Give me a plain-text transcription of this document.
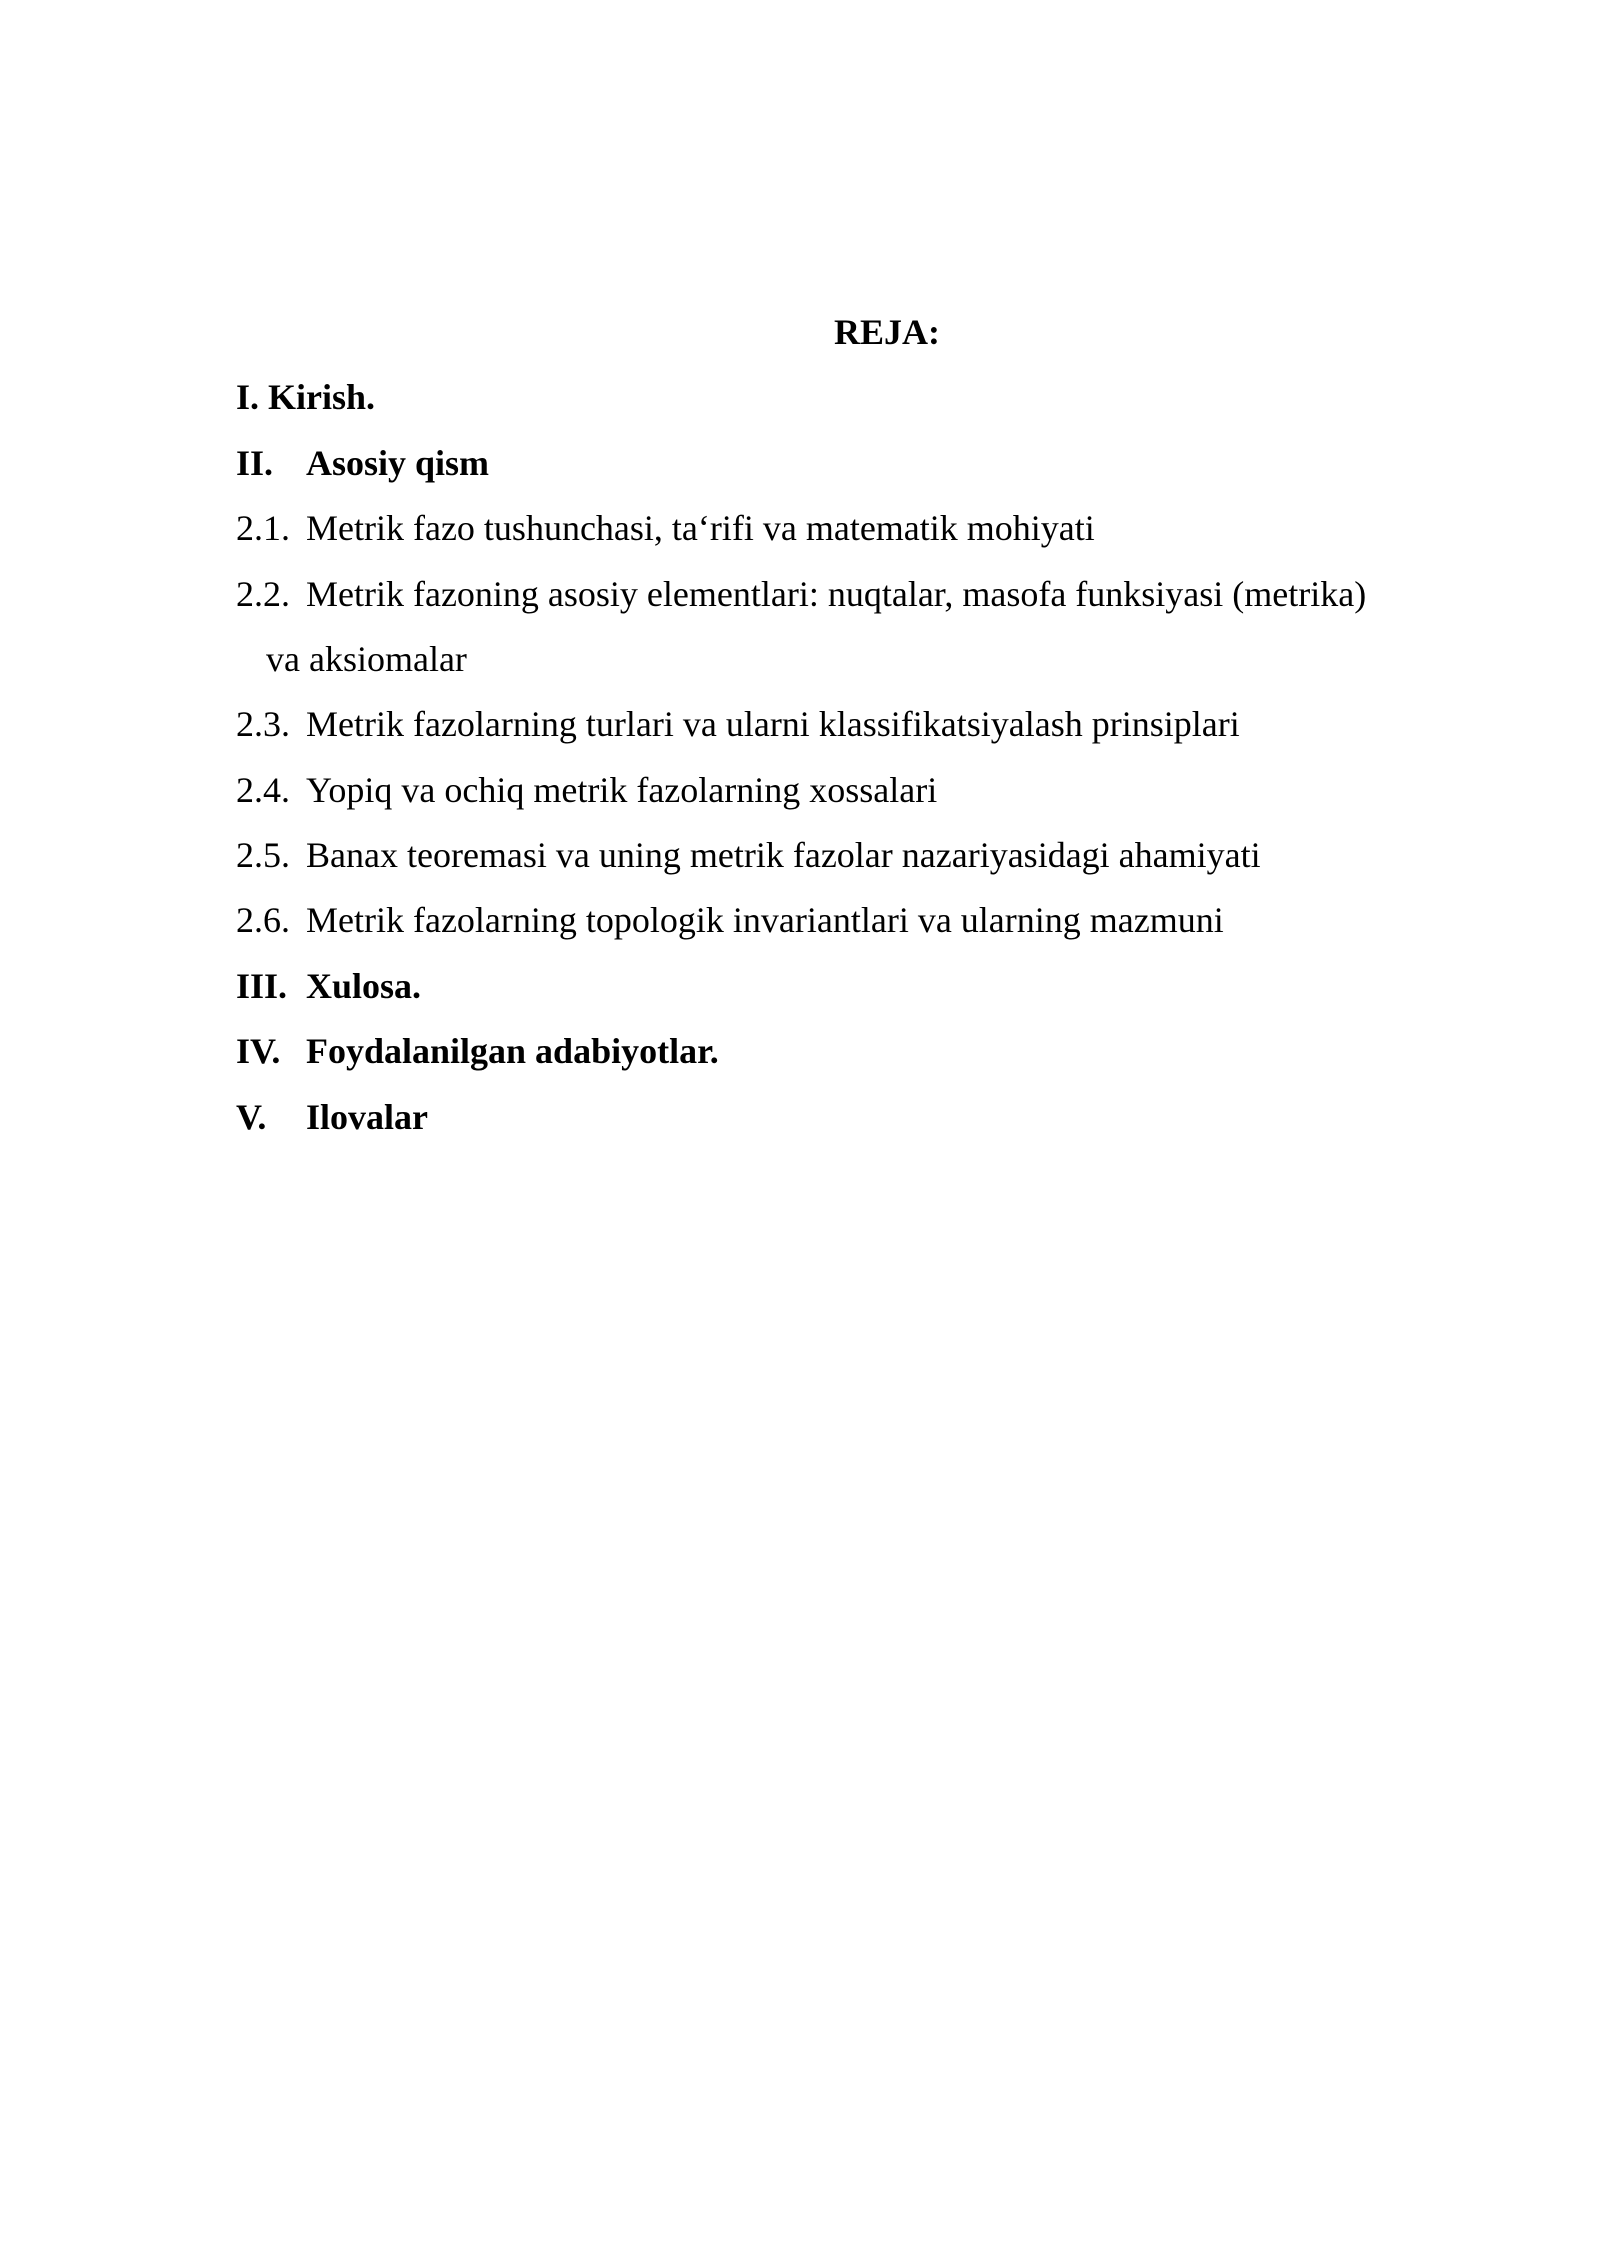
REJA:
I. Kirish.
II. Asosiy qism
2.1. Metrik fazo tushunchasi, ta‘rifi va matematik mohiyati
2.2. Metrik fazoning asosiy elementlari: nuqtalar, masofa funksiyasi (metrika)
va aksiomalar
2.3. Metrik fazolarning turlari va ularni klassifikatsiyalash prinsiplari
2.4. Yopiq va ochiq metrik fazolarning xossalari
2.5. Banax teoremasi va uning metrik fazolar nazariyasidagi ahamiyati
2.6. Metrik fazolarning topologik invariantlari va ularning mazmuni
III. Xulosa.
IV. Foydalanilgan adabiyotlar.
V. Ilovalar
